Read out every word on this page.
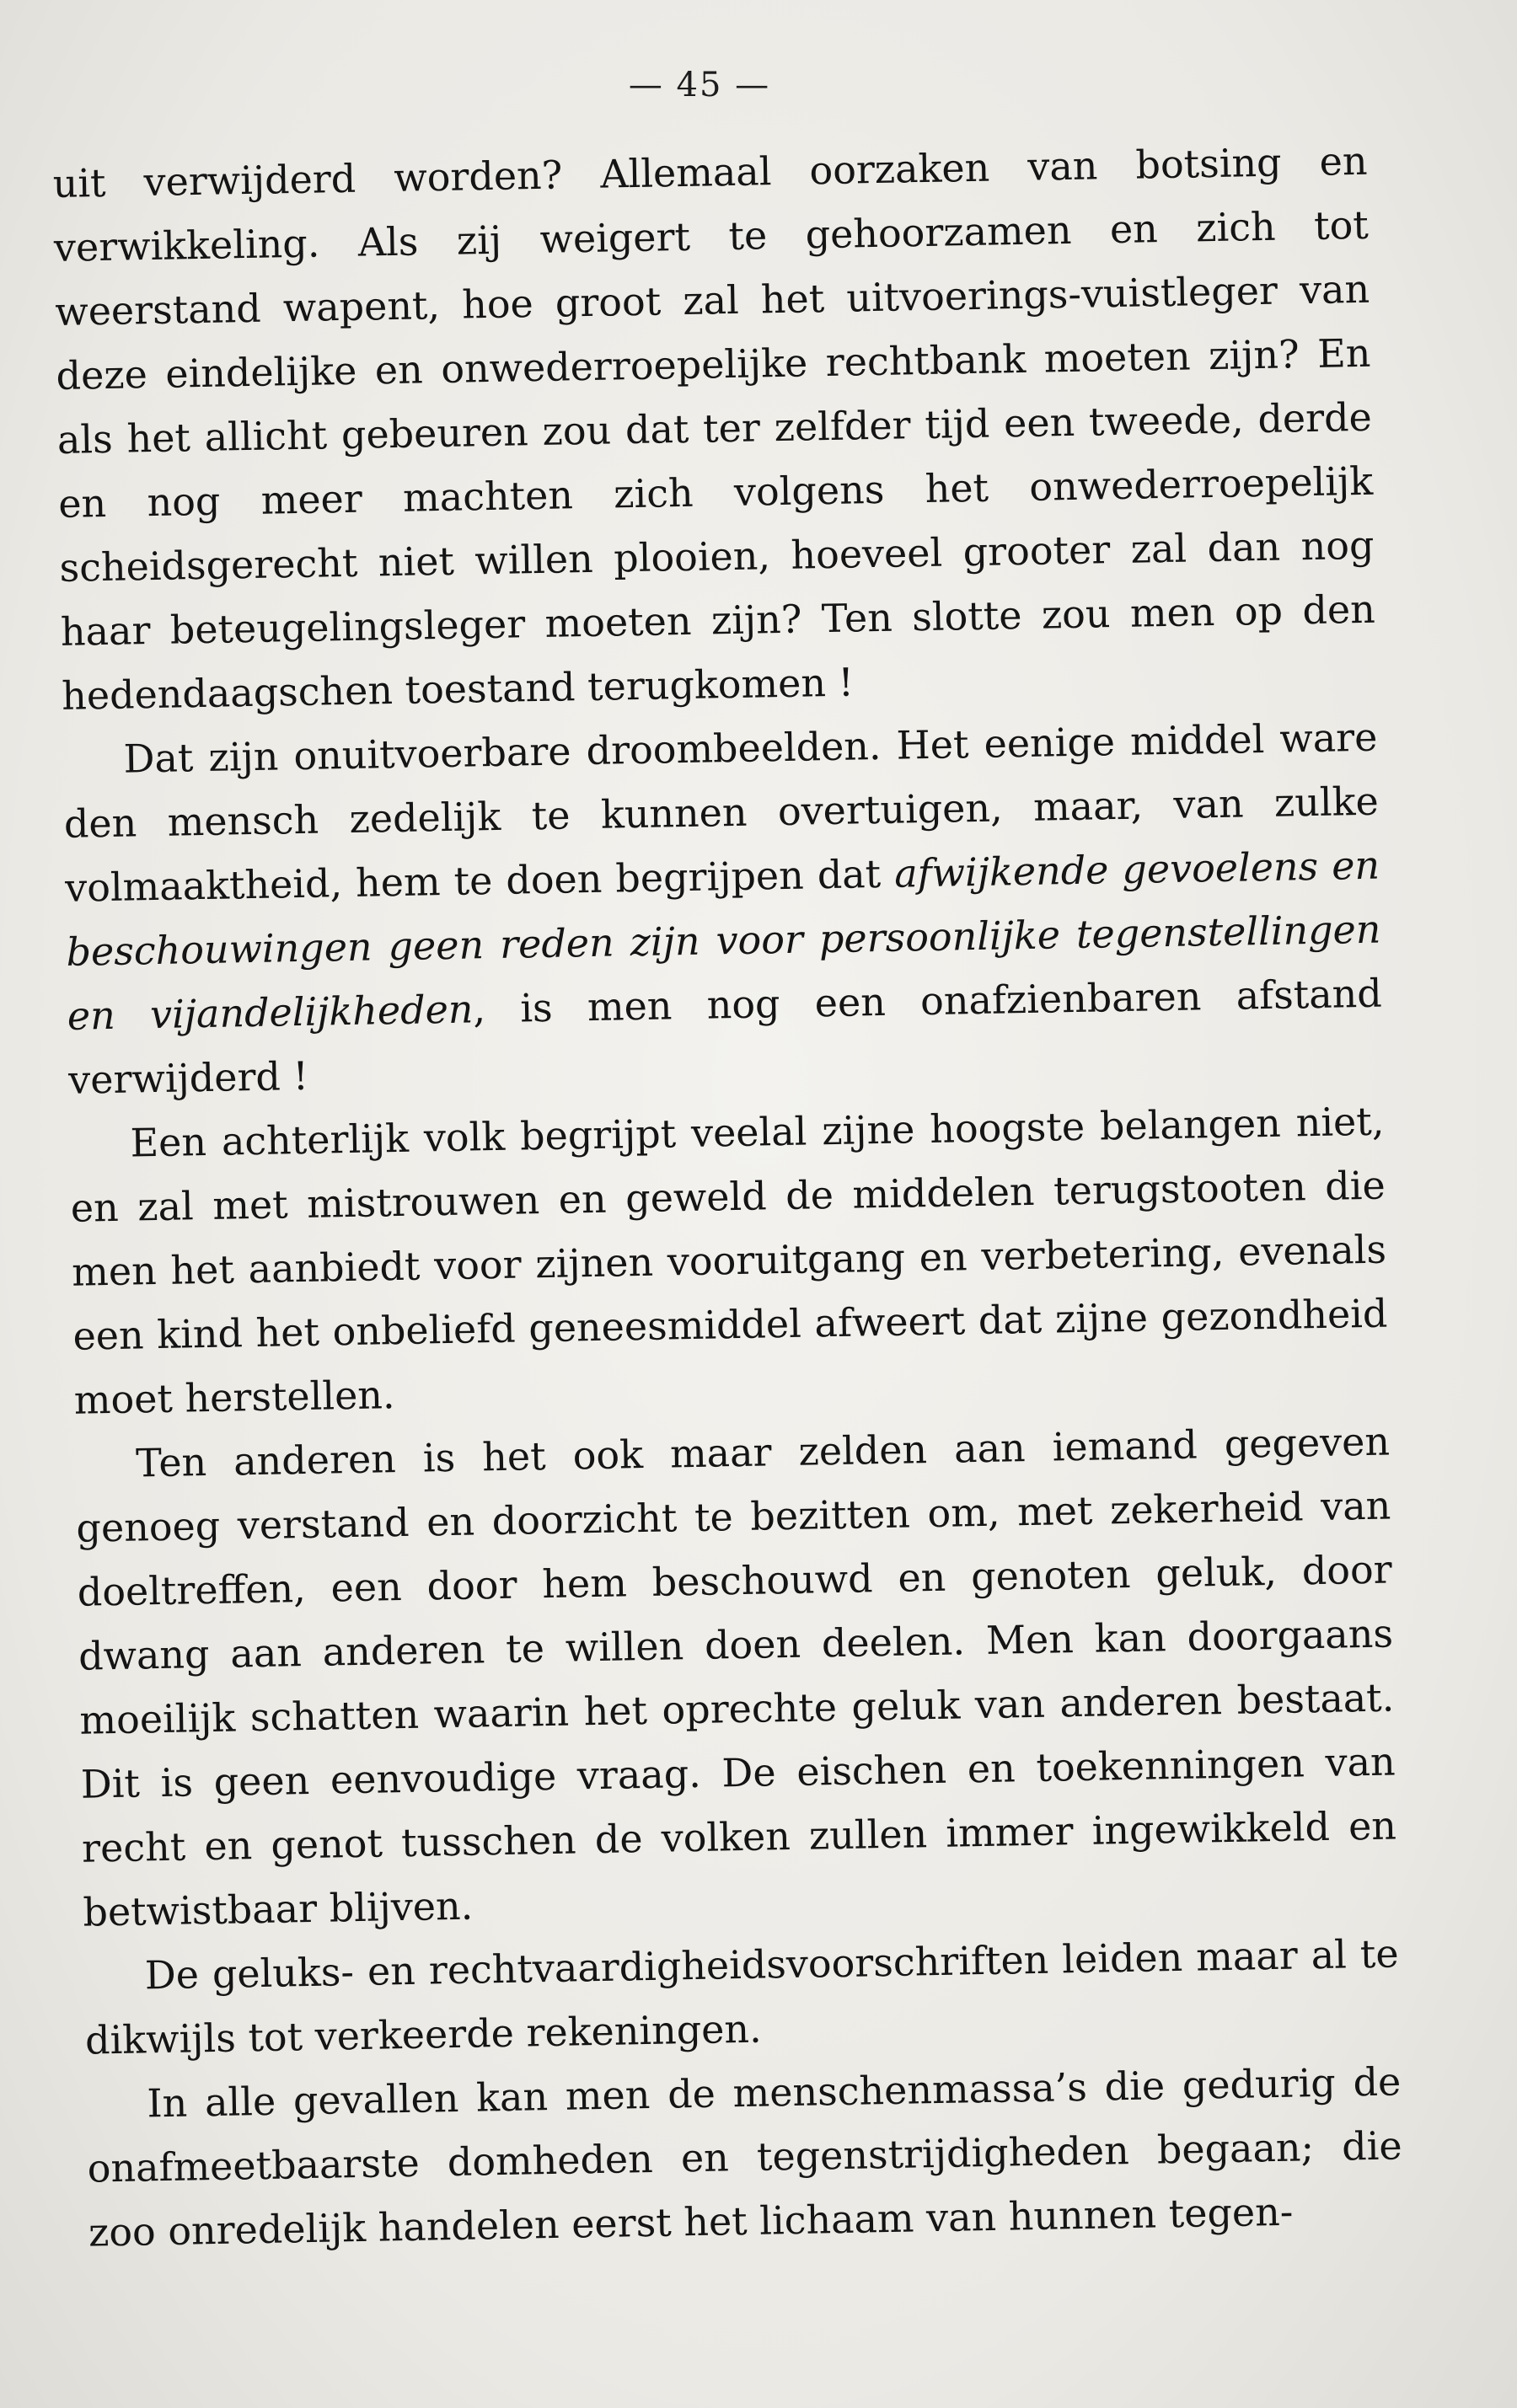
— 45 —

uit verwijderd worden? Allemaal oorzaken van botsing en verwikkeling. Als zij weigert te gehoorzamen en zich tot weerstand wapent, hoe groot zal het uitvoerings-vuistleger van deze eindelijke en onwederroepelijke rechtbank moeten zijn? En als het allicht gebeuren zou dat ter zelfder tijd een tweede, derde en nog meer machten zich volgens het onwederroepelijk scheidsgerecht niet willen plooien, hoeveel grooter zal dan nog haar beteugelingsleger moeten zijn? Ten slotte zou men op den hedendaagschen toestand terugkomen !

Dat zijn onuitvoerbare droombeelden. Het eenige middel ware den mensch zedelijk te kunnen overtuigen, maar, van zulke volmaaktheid, hem te doen begrijpen dat afwijkende gevoelens en beschouwingen geen reden zijn voor persoonlijke tegenstellingen en vijandelijkheden, is men nog een onafzienbaren afstand verwijderd !

Een achterlijk volk begrijpt veelal zijne hoogste belangen niet, en zal met mistrouwen en geweld de middelen terugstooten die men het aanbiedt voor zijnen vooruitgang en verbetering, evenals een kind het onbeliefd geneesmiddel afweert dat zijne gezondheid moet herstellen.

Ten anderen is het ook maar zelden aan iemand gegeven genoeg verstand en doorzicht te bezitten om, met zekerheid van doeltreffen, een door hem beschouwd en genoten geluk, door dwang aan anderen te willen doen deelen. Men kan doorgaans moeilijk schatten waarin het oprechte geluk van anderen bestaat. Dit is geen eenvoudige vraag. De eischen en toekenningen van recht en genot tusschen de volken zullen immer ingewikkeld en betwistbaar blijven.

De geluks- en rechtvaardigheidsvoorschriften leiden maar al te dikwijls tot verkeerde rekeningen.

In alle gevallen kan men de menschenmassa’s die gedurig de onafmeetbaarste domheden en tegenstrijdigheden begaan; die zoo onredelijk handelen eerst het lichaam van hunnen tegen-
